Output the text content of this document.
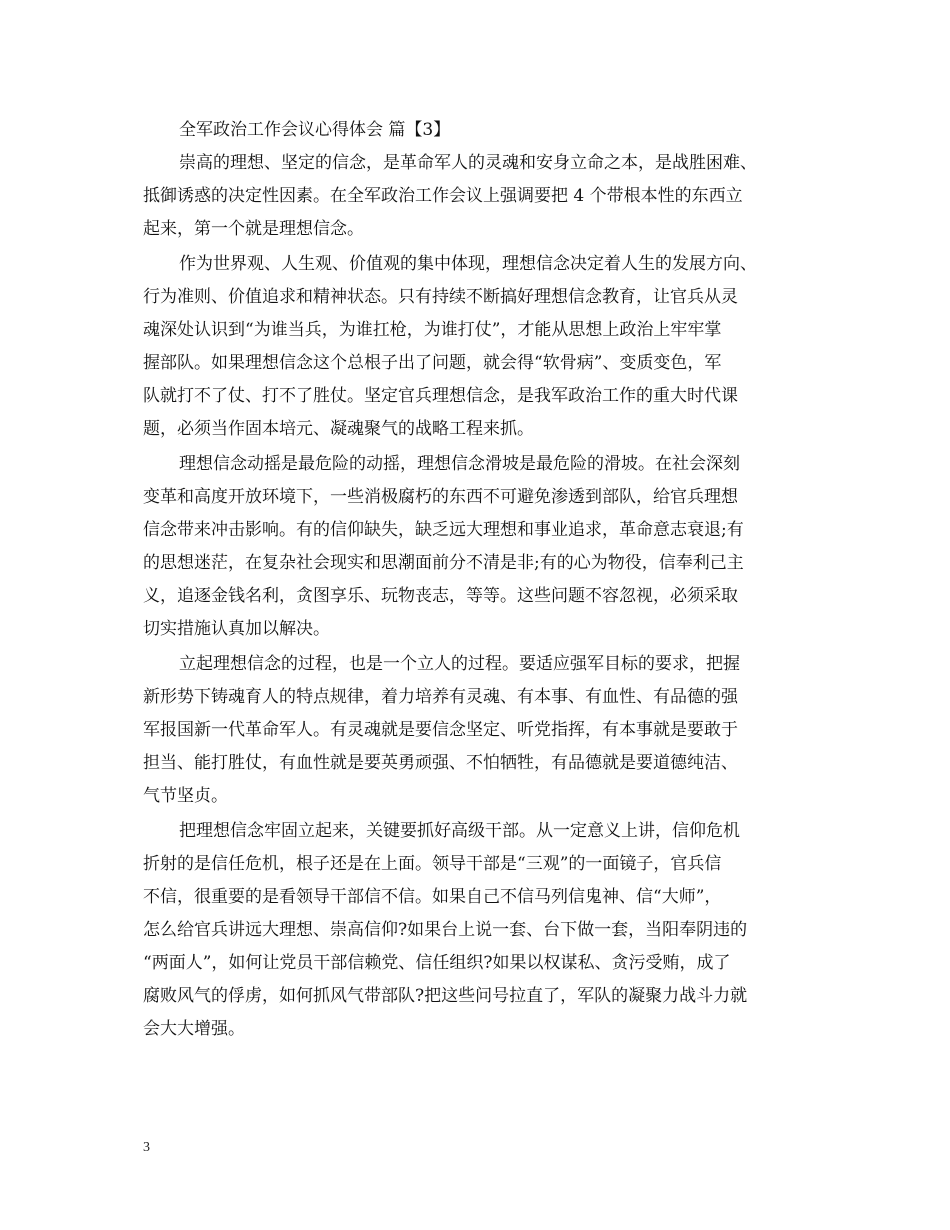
全军政治工作会议心得体会 篇【3】
崇高的理想、坚定的信念，是革命军人的灵魂和安身立命之本，是战胜困难、
抵御诱惑的决定性因素。在全军政治工作会议上强调要把 4 个带根本性的东西立
起来，第一个就是理想信念。
作为世界观、人生观、价值观的集中体现，理想信念决定着人生的发展方向、
行为准则、价值追求和精神状态。只有持续不断搞好理想信念教育，让官兵从灵
魂深处认识到“为谁当兵，为谁扛枪，为谁打仗”，才能从思想上政治上牢牢掌
握部队。如果理想信念这个总根子出了问题，就会得“软骨病”、变质变色，军
队就打不了仗、打不了胜仗。坚定官兵理想信念，是我军政治工作的重大时代课
题，必须当作固本培元、凝魂聚气的战略工程来抓。
理想信念动摇是最危险的动摇，理想信念滑坡是最危险的滑坡。在社会深刻
变革和高度开放环境下，一些消极腐朽的东西不可避免渗透到部队，给官兵理想
信念带来冲击影响。有的信仰缺失，缺乏远大理想和事业追求，革命意志衰退;有
的思想迷茫，在复杂社会现实和思潮面前分不清是非;有的心为物役，信奉利己主
义，追逐金钱名利，贪图享乐、玩物丧志，等等。这些问题不容忽视，必须采取
切实措施认真加以解决。
立起理想信念的过程，也是一个立人的过程。要适应强军目标的要求，把握
新形势下铸魂育人的特点规律，着力培养有灵魂、有本事、有血性、有品德的强
军报国新一代革命军人。有灵魂就是要信念坚定、听党指挥，有本事就是要敢于
担当、能打胜仗，有血性就是要英勇顽强、不怕牺牲，有品德就是要道德纯洁、
气节坚贞。
把理想信念牢固立起来，关键要抓好高级干部。从一定意义上讲，信仰危机
折射的是信任危机，根子还是在上面。领导干部是“三观”的一面镜子，官兵信
不信，很重要的是看领导干部信不信。如果自己不信马列信鬼神、信“大师”，
怎么给官兵讲远大理想、崇高信仰?如果台上说一套、台下做一套，当阳奉阴违的
“两面人”，如何让党员干部信赖党、信任组织?如果以权谋私、贪污受贿，成了
腐败风气的俘虏，如何抓风气带部队?把这些问号拉直了，军队的凝聚力战斗力就
会大大增强。
3
